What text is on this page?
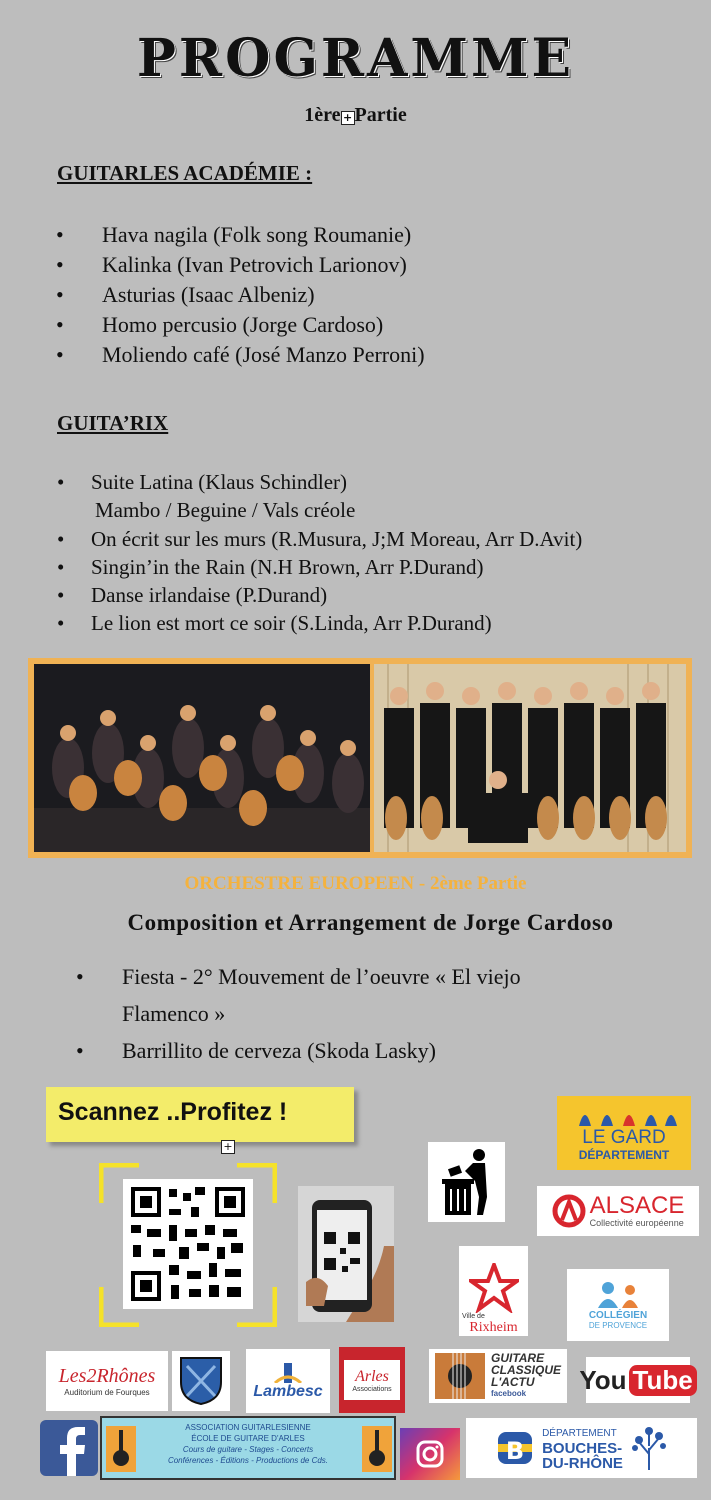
PROGRAMME
1ère + Partie
GUITARLES ACADÉMIE :
• Hava nagila (Folk song Roumanie)
• Kalinka (Ivan Petrovich Larionov)
• Asturias (Isaac Albeniz)
• Homo percusio (Jorge Cardoso)
• Moliendo café (José Manzo Perroni)
GUITA’RIX
• Suite Latina (Klaus Schindler)
Mambo / Beguine / Vals créole
• On écrit sur les murs (R.Musura, J;M Moreau, Arr D.Avit)
• Singin’in the Rain (N.H Brown, Arr P.Durand)
• Danse irlandaise (P.Durand)
• Le lion est mort ce soir (S.Linda, Arr P.Durand)
ORCHESTRE EUROPEEN - 2ème Partie
Composition et Arrangement de Jorge Cardoso
• Fiesta - 2° Mouvement de l’oeuvre « El viejo
Flamenco »
• Barrillito de cerveza (Skoda Lasky)
Scannez ..Profitez !
+	LE GARD
DÉPARTEMENT
ALSACE
Collectivité européenne
Ville de
Rixheim
COLLÉGIEN
DE PROVENCE
Les2Rhônes
Auditorium de Fourques	Lambesc
Arles
Associations
GUITARE
CLASSIQUE
L'ACTU
facebook	You Tube
ASSOCIATION GUITARLESIENNE
ÉCOLE DE GUITARE D'ARLES
Cours de guitare - Stages - Concerts
Conférences - Éditions - Productions de Cds.	B
DÉPARTEMENT
BOUCHES-
DU-RHÔNE
